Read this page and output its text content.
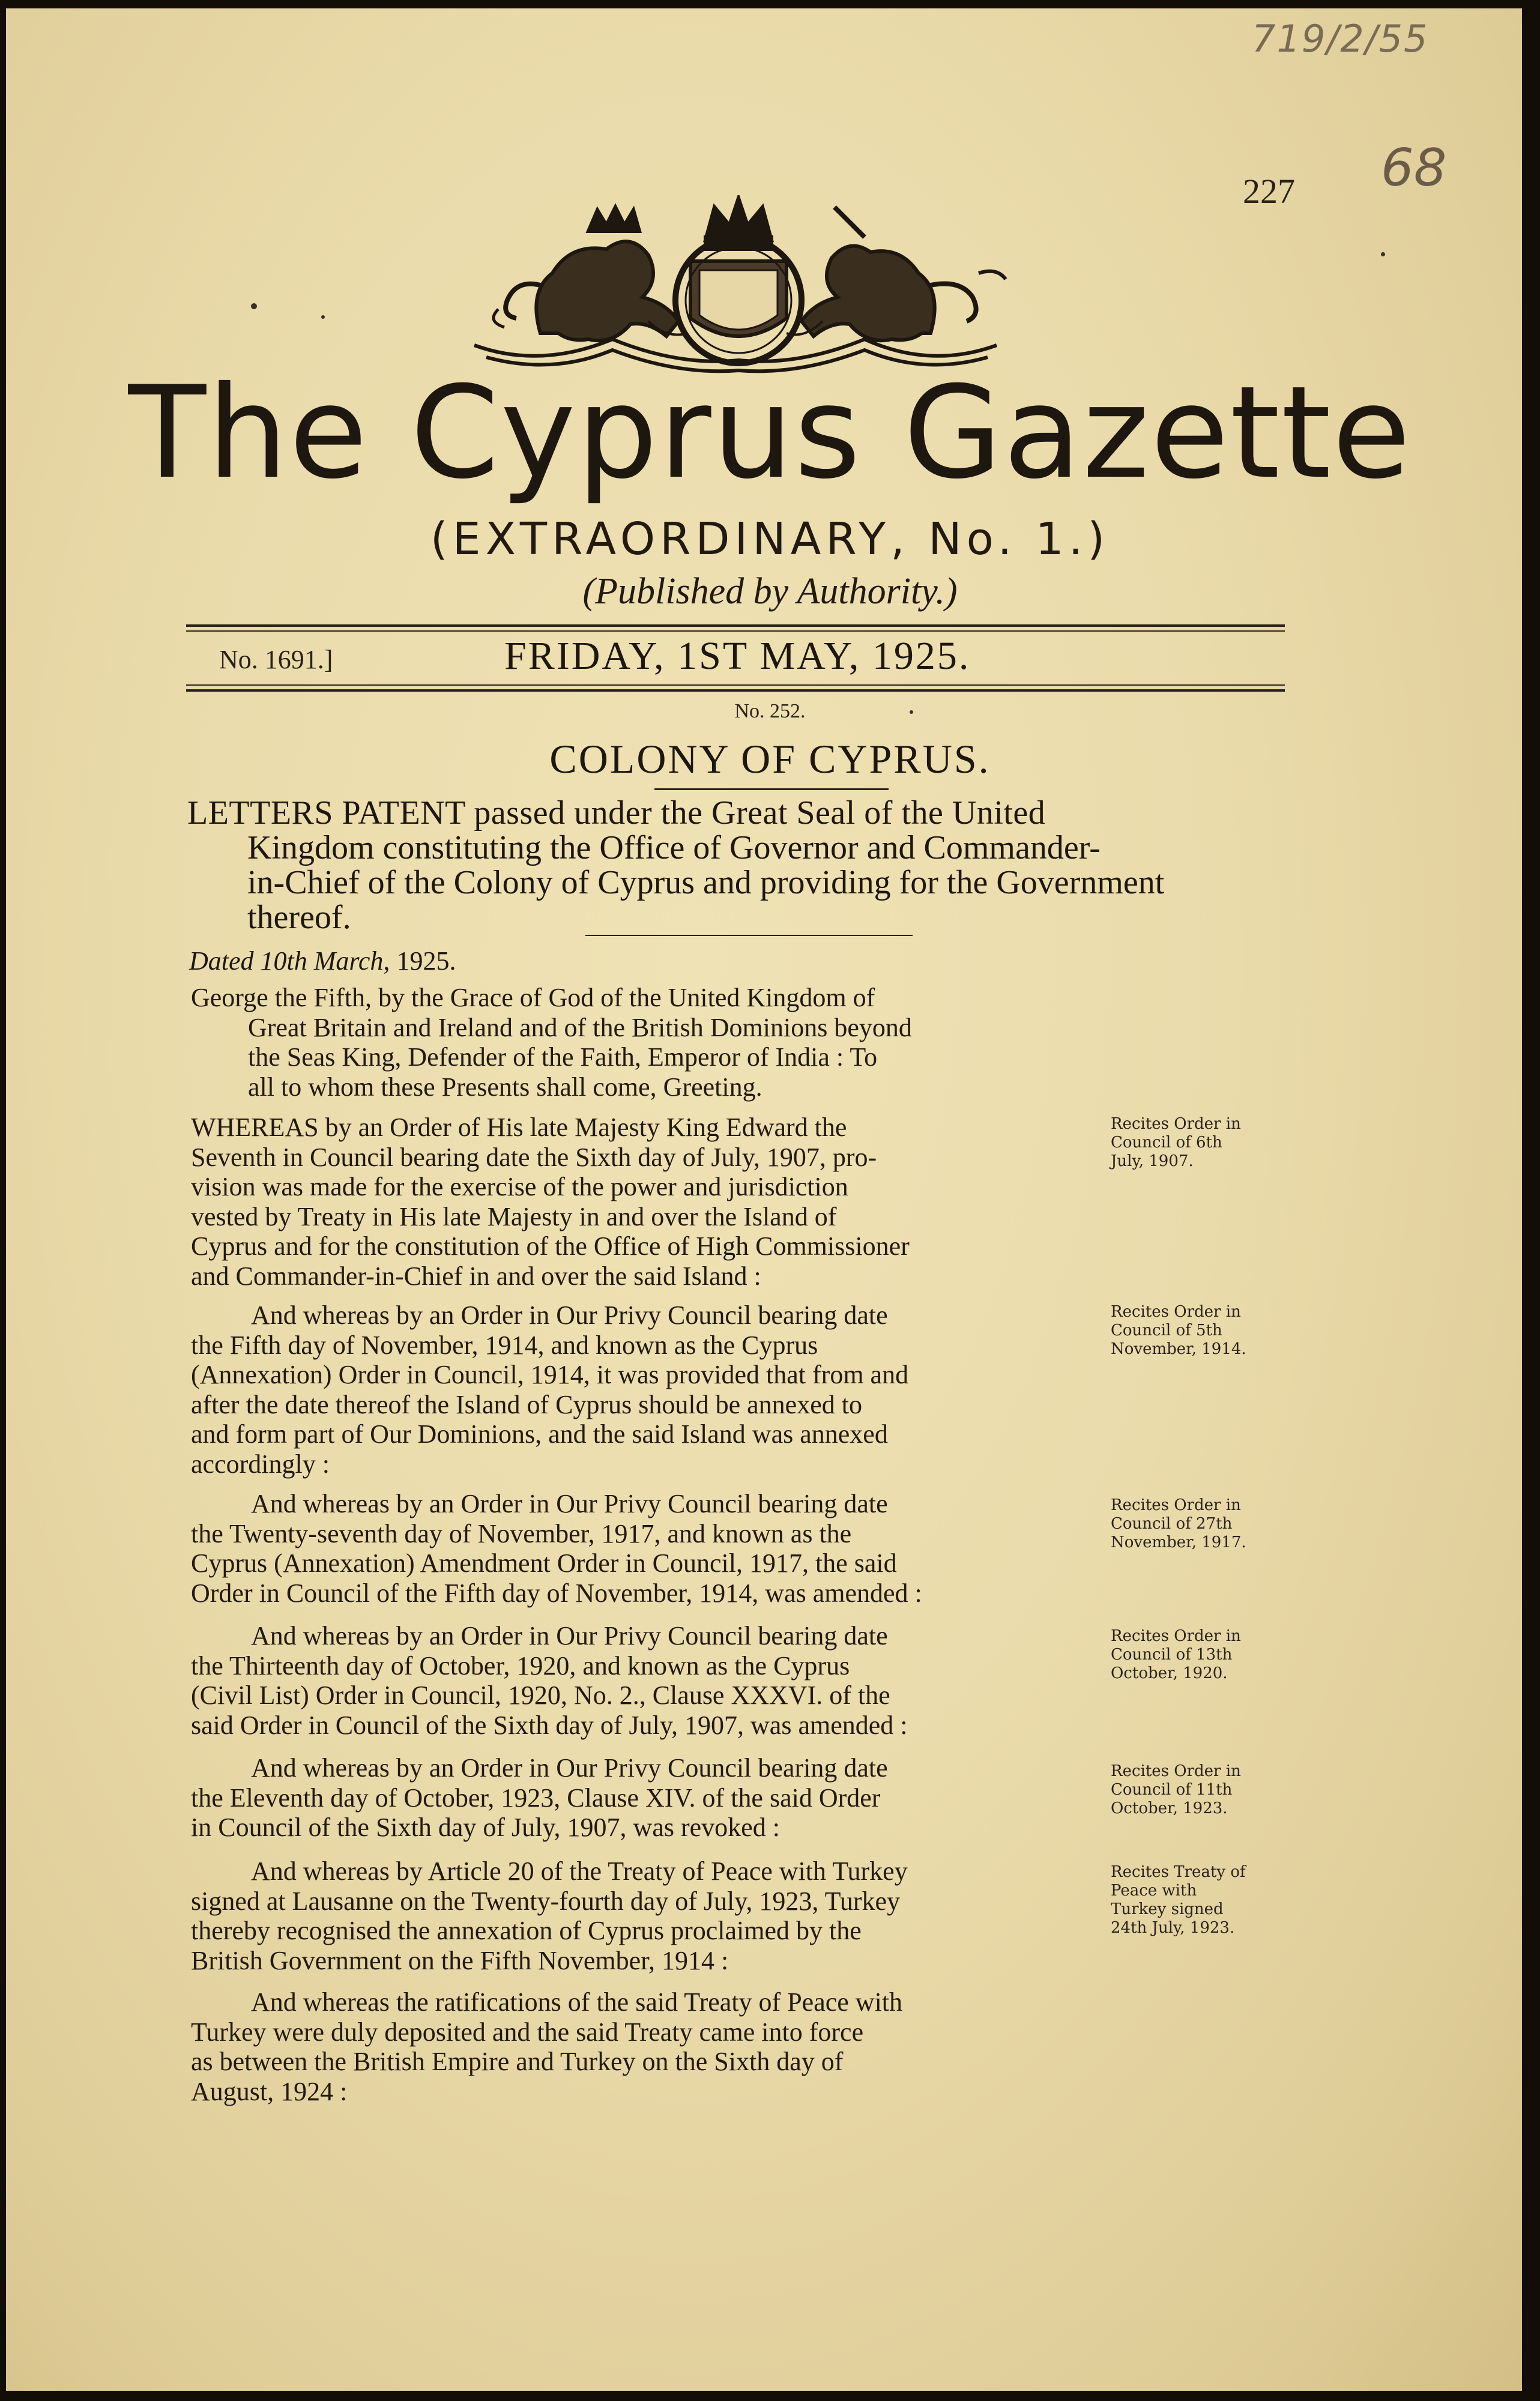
719/2/55
68
227
The Cyprus Gazette
(EXTRAORDINARY, No. 1.)
(Published by Authority.)
No. 1691.]	FRIDAY, 1ST MAY, 1925.
No. 252.
COLONY OF CYPRUS.
LETTERS PATENT passed under the Great Seal of the United
Kingdom constituting the Office of Governor and Commander-
in-Chief of the Colony of Cyprus and providing for the Government
thereof.
Dated 10th March, 1925.
George the Fifth, by the Grace of God of the United Kingdom of
Great Britain and Ireland and of the British Dominions beyond
the Seas King, Defender of the Faith, Emperor of India : To
all to whom these Presents shall come, Greeting.
WHEREAS by an Order of His late Majesty King Edward the
Seventh in Council bearing date the Sixth day of July, 1907, pro-
vision was made for the exercise of the power and jurisdiction
vested by Treaty in His late Majesty in and over the Island of
Cyprus and for the constitution of the Office of High Commissioner
and Commander-in-Chief in and over the said Island :
Recites Order in
Council of 6th
July, 1907.
And whereas by an Order in Our Privy Council bearing date
the Fifth day of November, 1914, and known as the Cyprus
(Annexation) Order in Council, 1914, it was provided that from and
after the date thereof the Island of Cyprus should be annexed to
and form part of Our Dominions, and the said Island was annexed
accordingly :
Recites Order in
Council of 5th
November, 1914.
And whereas by an Order in Our Privy Council bearing date
the Twenty-seventh day of November, 1917, and known as the
Cyprus (Annexation) Amendment Order in Council, 1917, the said
Order in Council of the Fifth day of November, 1914, was amended :
Recites Order in
Council of 27th
November, 1917.
And whereas by an Order in Our Privy Council bearing date
the Thirteenth day of October, 1920, and known as the Cyprus
(Civil List) Order in Council, 1920, No. 2., Clause XXXVI. of the
said Order in Council of the Sixth day of July, 1907, was amended :
Recites Order in
Council of 13th
October, 1920.
And whereas by an Order in Our Privy Council bearing date
the Eleventh day of October, 1923, Clause XIV. of the said Order
in Council of the Sixth day of July, 1907, was revoked :
Recites Order in
Council of 11th
October, 1923.
And whereas by Article 20 of the Treaty of Peace with Turkey
signed at Lausanne on the Twenty-fourth day of July, 1923, Turkey
thereby recognised the annexation of Cyprus proclaimed by the
British Government on the Fifth November, 1914 :
Recites Treaty of
Peace with
Turkey signed
24th July, 1923.
And whereas the ratifications of the said Treaty of Peace with
Turkey were duly deposited and the said Treaty came into force
as between the British Empire and Turkey on the Sixth day of
August, 1924 :
